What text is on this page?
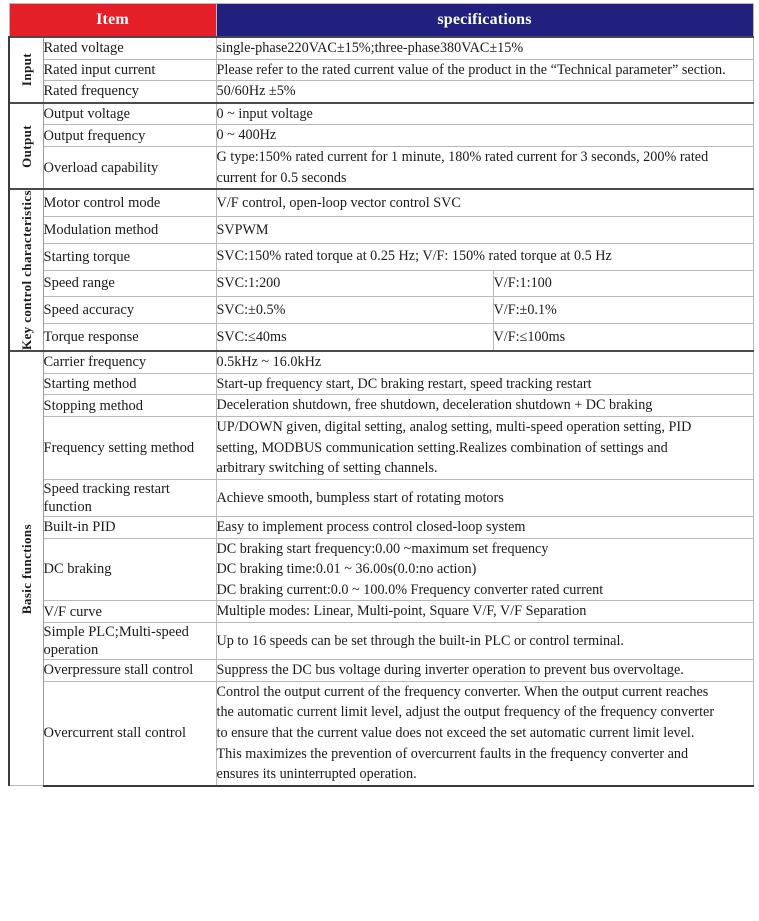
Item		specifications	

Input	Rated voltage	single-phase220VAC±15%;three-phase380VAC±15%	

	Rated input current	Please refer to the rated current value of the product in the “Technical parameter” section.	

	Rated frequency	50/60Hz ±5%	

Output	Output voltage	0 ~ input voltage	

	Output frequency	0 ~ 400Hz	

	Overload capability	G type:150% rated current for 1 minute, 180% rated current for 3 seconds, 200% rated
current for 0.5 seconds	

Key control characteristics	Motor control mode	V/F control, open-loop vector control SVC	

	Modulation method	SVPWM	

	Starting torque	SVC:150% rated torque at 0.25 Hz; V/F: 150% rated torque at 0.5 Hz	

	Speed range	SVC:1:200	V/F:1:100
	Speed accuracy	SVC:±0.5%	V/F:±0.1%
	Torque response	SVC:≤40ms	V/F:≤100ms

Basic functions	Carrier frequency	0.5kHz ~ 16.0kHz	

	Starting method	Start-up frequency start, DC braking restart, speed tracking restart	

	Stopping method	Deceleration shutdown, free shutdown, deceleration shutdown + DC braking	

	Frequency setting method	UP/DOWN given, digital setting, analog setting, multi-speed operation setting, PID
setting, MODBUS communication setting.Realizes combination of settings and
arbitrary switching of setting channels.	

	Speed tracking restart function	Achieve smooth, bumpless start of rotating motors	

	Built-in PID	Easy to implement process control closed-loop system	

	DC braking	DC braking start frequency:0.00 ~maximum set frequency
DC braking time:0.01 ~ 36.00s(0.0:no action)
DC braking current:0.0 ~ 100.0% Frequency converter rated current	

	V/F curve	Multiple modes: Linear, Multi-point, Square V/F, V/F Separation	

	Simple PLC;Multi-speed operation	Up to 16 speeds can be set through the built-in PLC or control terminal.	

	Overpressure stall control	Suppress the DC bus voltage during inverter operation to prevent bus overvoltage.	

	Overcurrent stall control	Control the output current of the frequency converter. When the output current reaches
the automatic current limit level, adjust the output frequency of the frequency converter
to ensure that the current value does not exceed the set automatic current limit level.
This maximizes the prevention of overcurrent faults in the frequency converter and
ensures its uninterrupted operation.	
